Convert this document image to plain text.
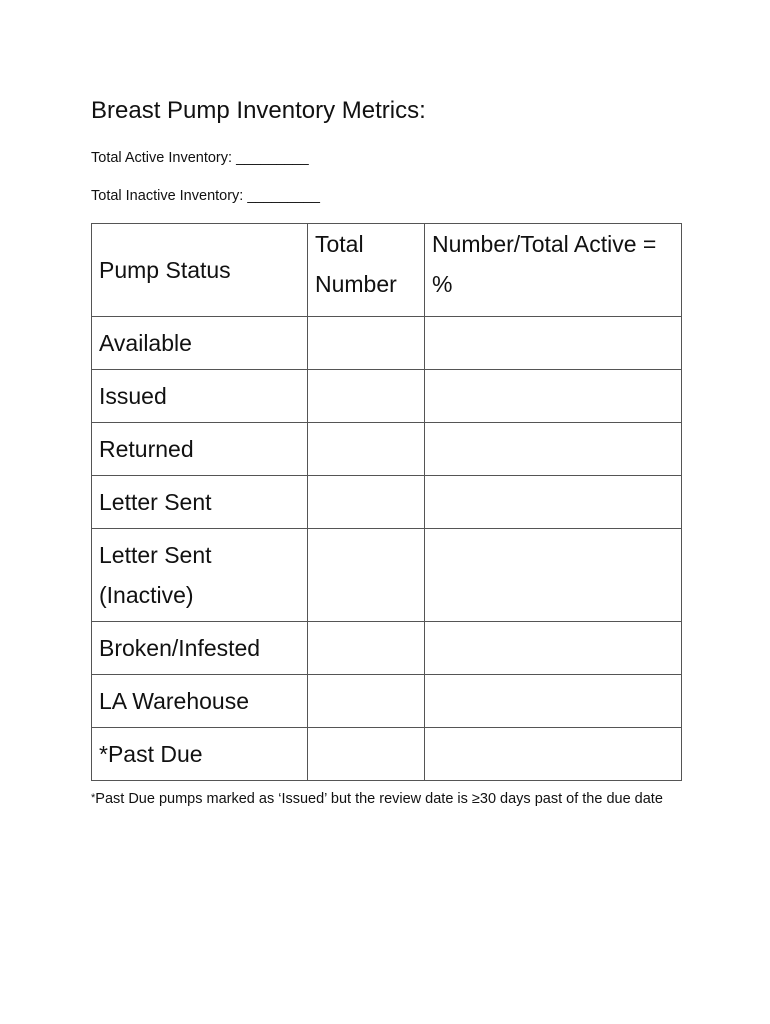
Breast Pump Inventory Metrics:
Total Active Inventory: _________
Total Inactive Inventory: _________
Pump Status	Total Number	Number/Total Active = %
Available		
Issued		
Returned		
Letter Sent		
Letter Sent (Inactive)		
Broken/Infested		
LA Warehouse		
*Past Due		
*Past Due pumps marked as ‘Issued’ but the review date is ≥30 days past of the due date
